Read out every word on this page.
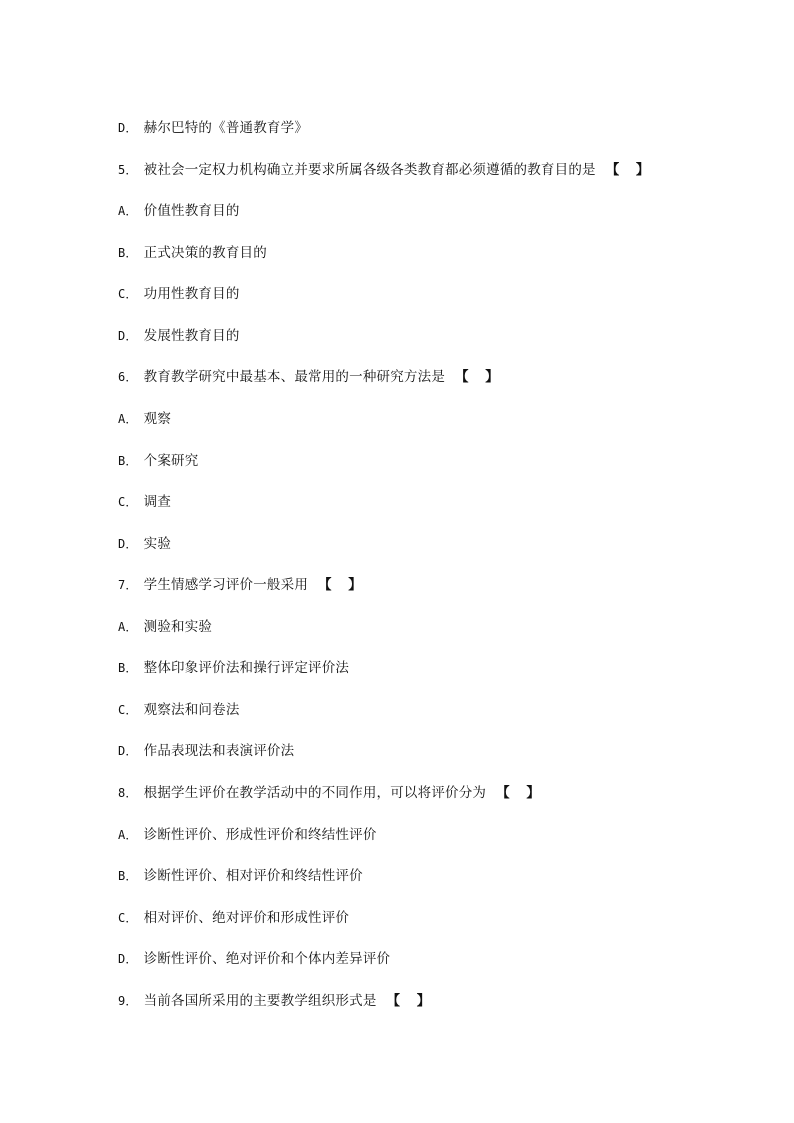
D． 赫尔巴特的《普通教育学》
5． 被社会一定权力机构确立并要求所属各级各类教育都必须遵循的教育目的是 【 】
A． 价值性教育目的
B． 正式决策的教育目的
C． 功用性教育目的
D． 发展性教育目的
6． 教育教学研究中最基本、最常用的一种研究方法是 【 】
A． 观察
B． 个案研究
C． 调查
D． 实验
7． 学生情感学习评价一般采用 【 】
A． 测验和实验
B． 整体印象评价法和操行评定评价法
C． 观察法和问卷法
D． 作品表现法和表演评价法
8． 根据学生评价在教学活动中的不同作用，可以将评价分为 【 】
A． 诊断性评价、形成性评价和终结性评价
B． 诊断性评价、相对评价和终结性评价
C． 相对评价、绝对评价和形成性评价
D． 诊断性评价、绝对评价和个体内差异评价
9． 当前各国所采用的主要教学组织形式是 【 】
